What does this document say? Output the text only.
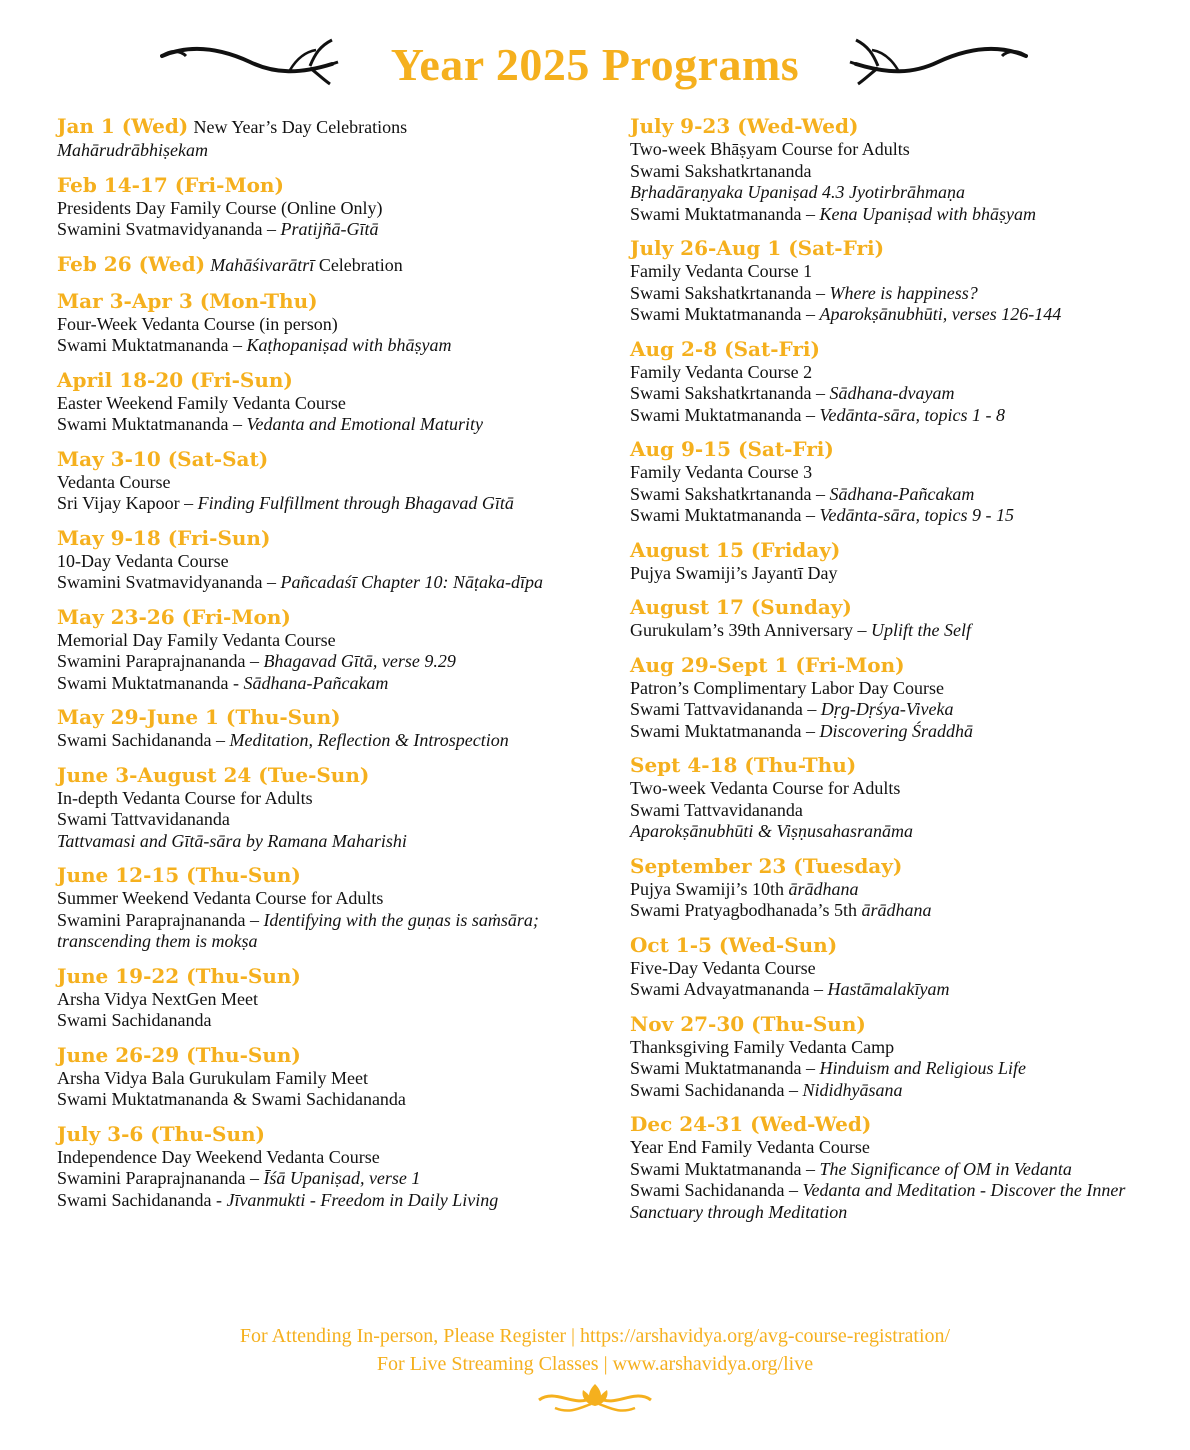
Year 2025 Programs
Jan 1 (Wed) New Year’s Day Celebrations
Mahārudrābhiṣekam
Feb 14-17 (Fri-Mon)
Presidents Day Family Course (Online Only)
Swamini Svatmavidyananda – Pratijñā-Gītā
Feb 26 (Wed) Mahāśivarātrī Celebration
Mar 3-Apr 3 (Mon-Thu)
Four-Week Vedanta Course (in person)
Swami Muktatmananda – Kaṭhopaniṣad with bhāṣyam
April 18-20 (Fri-Sun)
Easter Weekend Family Vedanta Course
Swami Muktatmananda – Vedanta and Emotional Maturity
May 3-10 (Sat-Sat)
Vedanta Course
Sri Vijay Kapoor – Finding Fulfillment through Bhagavad Gītā
May 9-18 (Fri-Sun)
10-Day Vedanta Course
Swamini Svatmavidyananda – Pañcadaśī Chapter 10: Nāṭaka-dīpa
May 23-26 (Fri-Mon)
Memorial Day Family Vedanta Course
Swamini Paraprajnananda – Bhagavad Gītā, verse 9.29
Swami Muktatmananda - Sādhana-Pañcakam
May 29-June 1 (Thu-Sun)
Swami Sachidananda – Meditation, Reflection & Introspection
June 3-August 24 (Tue-Sun)
In-depth Vedanta Course for Adults
Swami Tattvavidananda
Tattvamasi and Gītā-sāra by Ramana Maharishi
June 12-15 (Thu-Sun)
Summer Weekend Vedanta Course for Adults
Swamini Paraprajnananda – Identifying with the guṇas is saṁsāra;
transcending them is mokṣa
June 19-22 (Thu-Sun)
Arsha Vidya NextGen Meet
Swami Sachidananda
June 26-29 (Thu-Sun)
Arsha Vidya Bala Gurukulam Family Meet
Swami Muktatmananda & Swami Sachidananda
July 3-6 (Thu-Sun)
Independence Day Weekend Vedanta Course
Swamini Paraprajnananda – Īśā Upaniṣad, verse 1
Swami Sachidananda - Jīvanmukti - Freedom in Daily Living
July 9-23 (Wed-Wed)
Two-week Bhāṣyam Course for Adults
Swami Sakshatkrtananda
Bṛhadāraṇyaka Upaniṣad 4.3 Jyotirbrāhmaṇa
Swami Muktatmananda – Kena Upaniṣad with bhāṣyam
July 26-Aug 1 (Sat-Fri)
Family Vedanta Course 1
Swami Sakshatkrtananda – Where is happiness?
Swami Muktatmananda – Aparokṣānubhūti, verses 126-144
Aug 2-8 (Sat-Fri)
Family Vedanta Course 2
Swami Sakshatkrtananda – Sādhana-dvayam
Swami Muktatmananda – Vedānta-sāra, topics 1 - 8
Aug 9-15 (Sat-Fri)
Family Vedanta Course 3
Swami Sakshatkrtananda – Sādhana-Pañcakam
Swami Muktatmananda – Vedānta-sāra, topics 9 - 15
August 15 (Friday)
Pujya Swamiji’s Jayantī Day
August 17 (Sunday)
Gurukulam’s 39th Anniversary – Uplift the Self
Aug 29-Sept 1 (Fri-Mon)
Patron’s Complimentary Labor Day Course
Swami Tattvavidananda – Dṛg-Dṛśya-Viveka
Swami Muktatmananda – Discovering Śraddhā
Sept 4-18 (Thu-Thu)
Two-week Vedanta Course for Adults
Swami Tattvavidananda
Aparokṣānubhūti & Viṣṇusahasranāma
September 23 (Tuesday)
Pujya Swamiji’s 10th ārādhana
Swami Pratyagbodhanada’s 5th ārādhana
Oct 1-5 (Wed-Sun)
Five-Day Vedanta Course
Swami Advayatmananda – Hastāmalakīyam
Nov 27-30 (Thu-Sun)
Thanksgiving Family Vedanta Camp
Swami Muktatmananda – Hinduism and Religious Life
Swami Sachidananda – Nididhyāsana
Dec 24-31 (Wed-Wed)
Year End Family Vedanta Course
Swami Muktatmananda – The Significance of OM in Vedanta
Swami Sachidananda – Vedanta and Meditation - Discover the Inner
Sanctuary through Meditation
For Attending In-person, Please Register | https://arshavidya.org/avg-course-registration/
For Live Streaming Classes | www.arshavidya.org/live
